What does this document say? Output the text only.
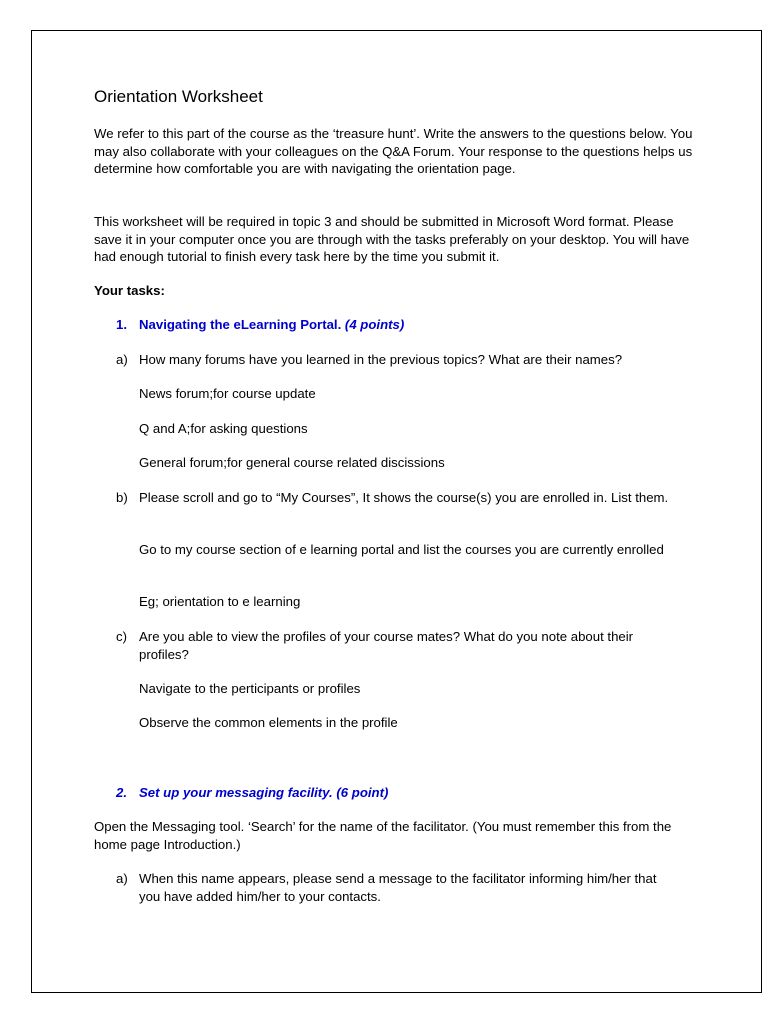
Orientation Worksheet

We refer to this part of the course as the ‘treasure hunt’. Write the answers to the questions below. You may also collaborate with your colleagues on the Q&A Forum. Your response to the questions helps us determine how comfortable you are with navigating the orientation page.

This worksheet will be required in topic 3 and should be submitted in Microsoft Word format. Please save it in your computer once you are through with the tasks preferably on your desktop. You will have had enough tutorial to finish every task here by the time you submit it.

Your tasks:

1. Navigating the eLearning Portal. (4 points)
a) How many forums have you learned in the previous topics? What are their names?

News forum;for course update

Q and A;for asking questions

General forum;for general course related discissions

b) Please scroll and go to “My Courses”, It shows the course(s) you are enrolled in. List them.

Go to my course section of e learning portal and list the courses you are currently enrolled

Eg; orientation to e learning

c) Are you able to view the profiles of your course mates? What do you note about their profiles?

Navigate to the perticipants or profiles

Observe the common elements in the profile

2. Set up your messaging facility. (6 point)

Open the Messaging tool. ‘Search’ for the name of the facilitator. (You must remember this from the home page Introduction.)

a) When this name appears, please send a message to the facilitator informing him/her that you have added him/her to your contacts.
